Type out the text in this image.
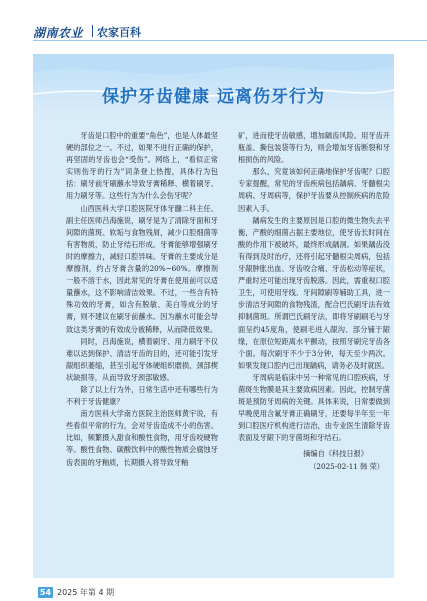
湖南农业 农家百科
保护牙齿健康 远离伤牙行为

牙齿是口腔中的重要“角色”，也是人体最坚硬的部位之一。不过，如果不进行正确的保护，再坚固的牙齿也会“受伤”。网络上，“看似正常实则伤牙的行为”词条登上热搜，具体行为包括：刷牙前牙刷蘸水导致牙膏稀释、横着刷牙、用力刷牙等。这些行为为什么会伤牙呢？

山西医科大学口腔医院牙体牙髓二科主任、副主任医师吕海施说，刷牙是为了清除牙面和牙间隙的菌斑、软垢与食物残屑，减少口腔细菌等有害物质，防止牙结石形成。牙膏能够增强刷牙时的摩擦力，减轻口腔异味。牙膏的主要成分是摩擦剂，约占牙膏含量的20%~60%。摩擦剂一般不溶于水，因此常见的牙膏在使用前可以适量蘸水，这不影响清洁效果。不过，一些含有特殊功效的牙膏，如含有脱敏、美白等成分的牙膏，则不建议在刷牙前蘸水。因为蘸水可能会导致这类牙膏的有效成分被稀释，从而降低效果。

同时，吕海施说，横着刷牙、用力刷牙不仅难以达到保护、清洁牙齿的目的，还可能引发牙龈组织萎缩，甚至引起牙体硬组织磨损、颈部楔状缺损等，从而导致牙颈部敏感。

除了以上行为外，日常生活中还有哪些行为不利于牙齿健康？

南方医科大学南方医院主治医师黄宇说，有些看似平常的行为，会对牙齿造成不小的伤害。比如，频繁摄入甜食和酸性食物，用牙齿咬硬物等。酸性食物、碳酸饮料中的酸性物质会腐蚀牙齿表面的牙釉质，长期摄入将导致牙釉

矿，进而使牙齿敏感，增加龋齿风险。用牙齿开瓶盖、撕包装袋等行为，则会增加牙齿断裂和牙根损伤的风险。

那么，究竟该如何正确地保护牙齿呢？口腔专家提醒，常见的牙齿疾病包括龋病、牙髓根尖周病、牙周病等，保护牙齿要从控制疾病的危险因素入手。

龋病发生的主要原因是口腔的微生物失去平衡，产酸的细菌占据主要地位，使牙齿长时间在酸的作用下被破坏，最终形成龋洞。如果龋齿没有得到及时治疗，还将引起牙髓根尖周病，包括牙龈肿胀出血、牙齿咬合痛、牙齿松动等症状，严重时还可能出现牙齿脱落。因此，需重视口腔卫生，可使用牙线、牙间隙刷等辅助工具，进一步清洁牙间隙的食物残渣，配合巴氏刷牙法有效抑制菌斑。所谓巴氏刷牙法，即将牙刷刷毛与牙面呈约45度角，使刷毛进入龈沟、部分铺于龈缘，在原位短距离水平颤动，按照牙刷完牙齿各个面。每次刷牙不少于3分钟，每天至少两次。如果发现口腔内已出现龋病，请务必及时就医。

牙周病是临床中另一种常见的口腔疾病，牙菌斑生物膜是其主要致病因素。因此，控制牙菌斑是预防牙周病的关键。具体来说，日常要做到早晚使用含氟牙膏正确刷牙，还要每半年至一年到口腔医疗机构进行洁治，由专业医生清除牙齿表面及牙龈下的牙菌斑和牙结石。

摘编自《科技日报》

（2025-02-11 韩 荣）

54 2025 年第 4 期
